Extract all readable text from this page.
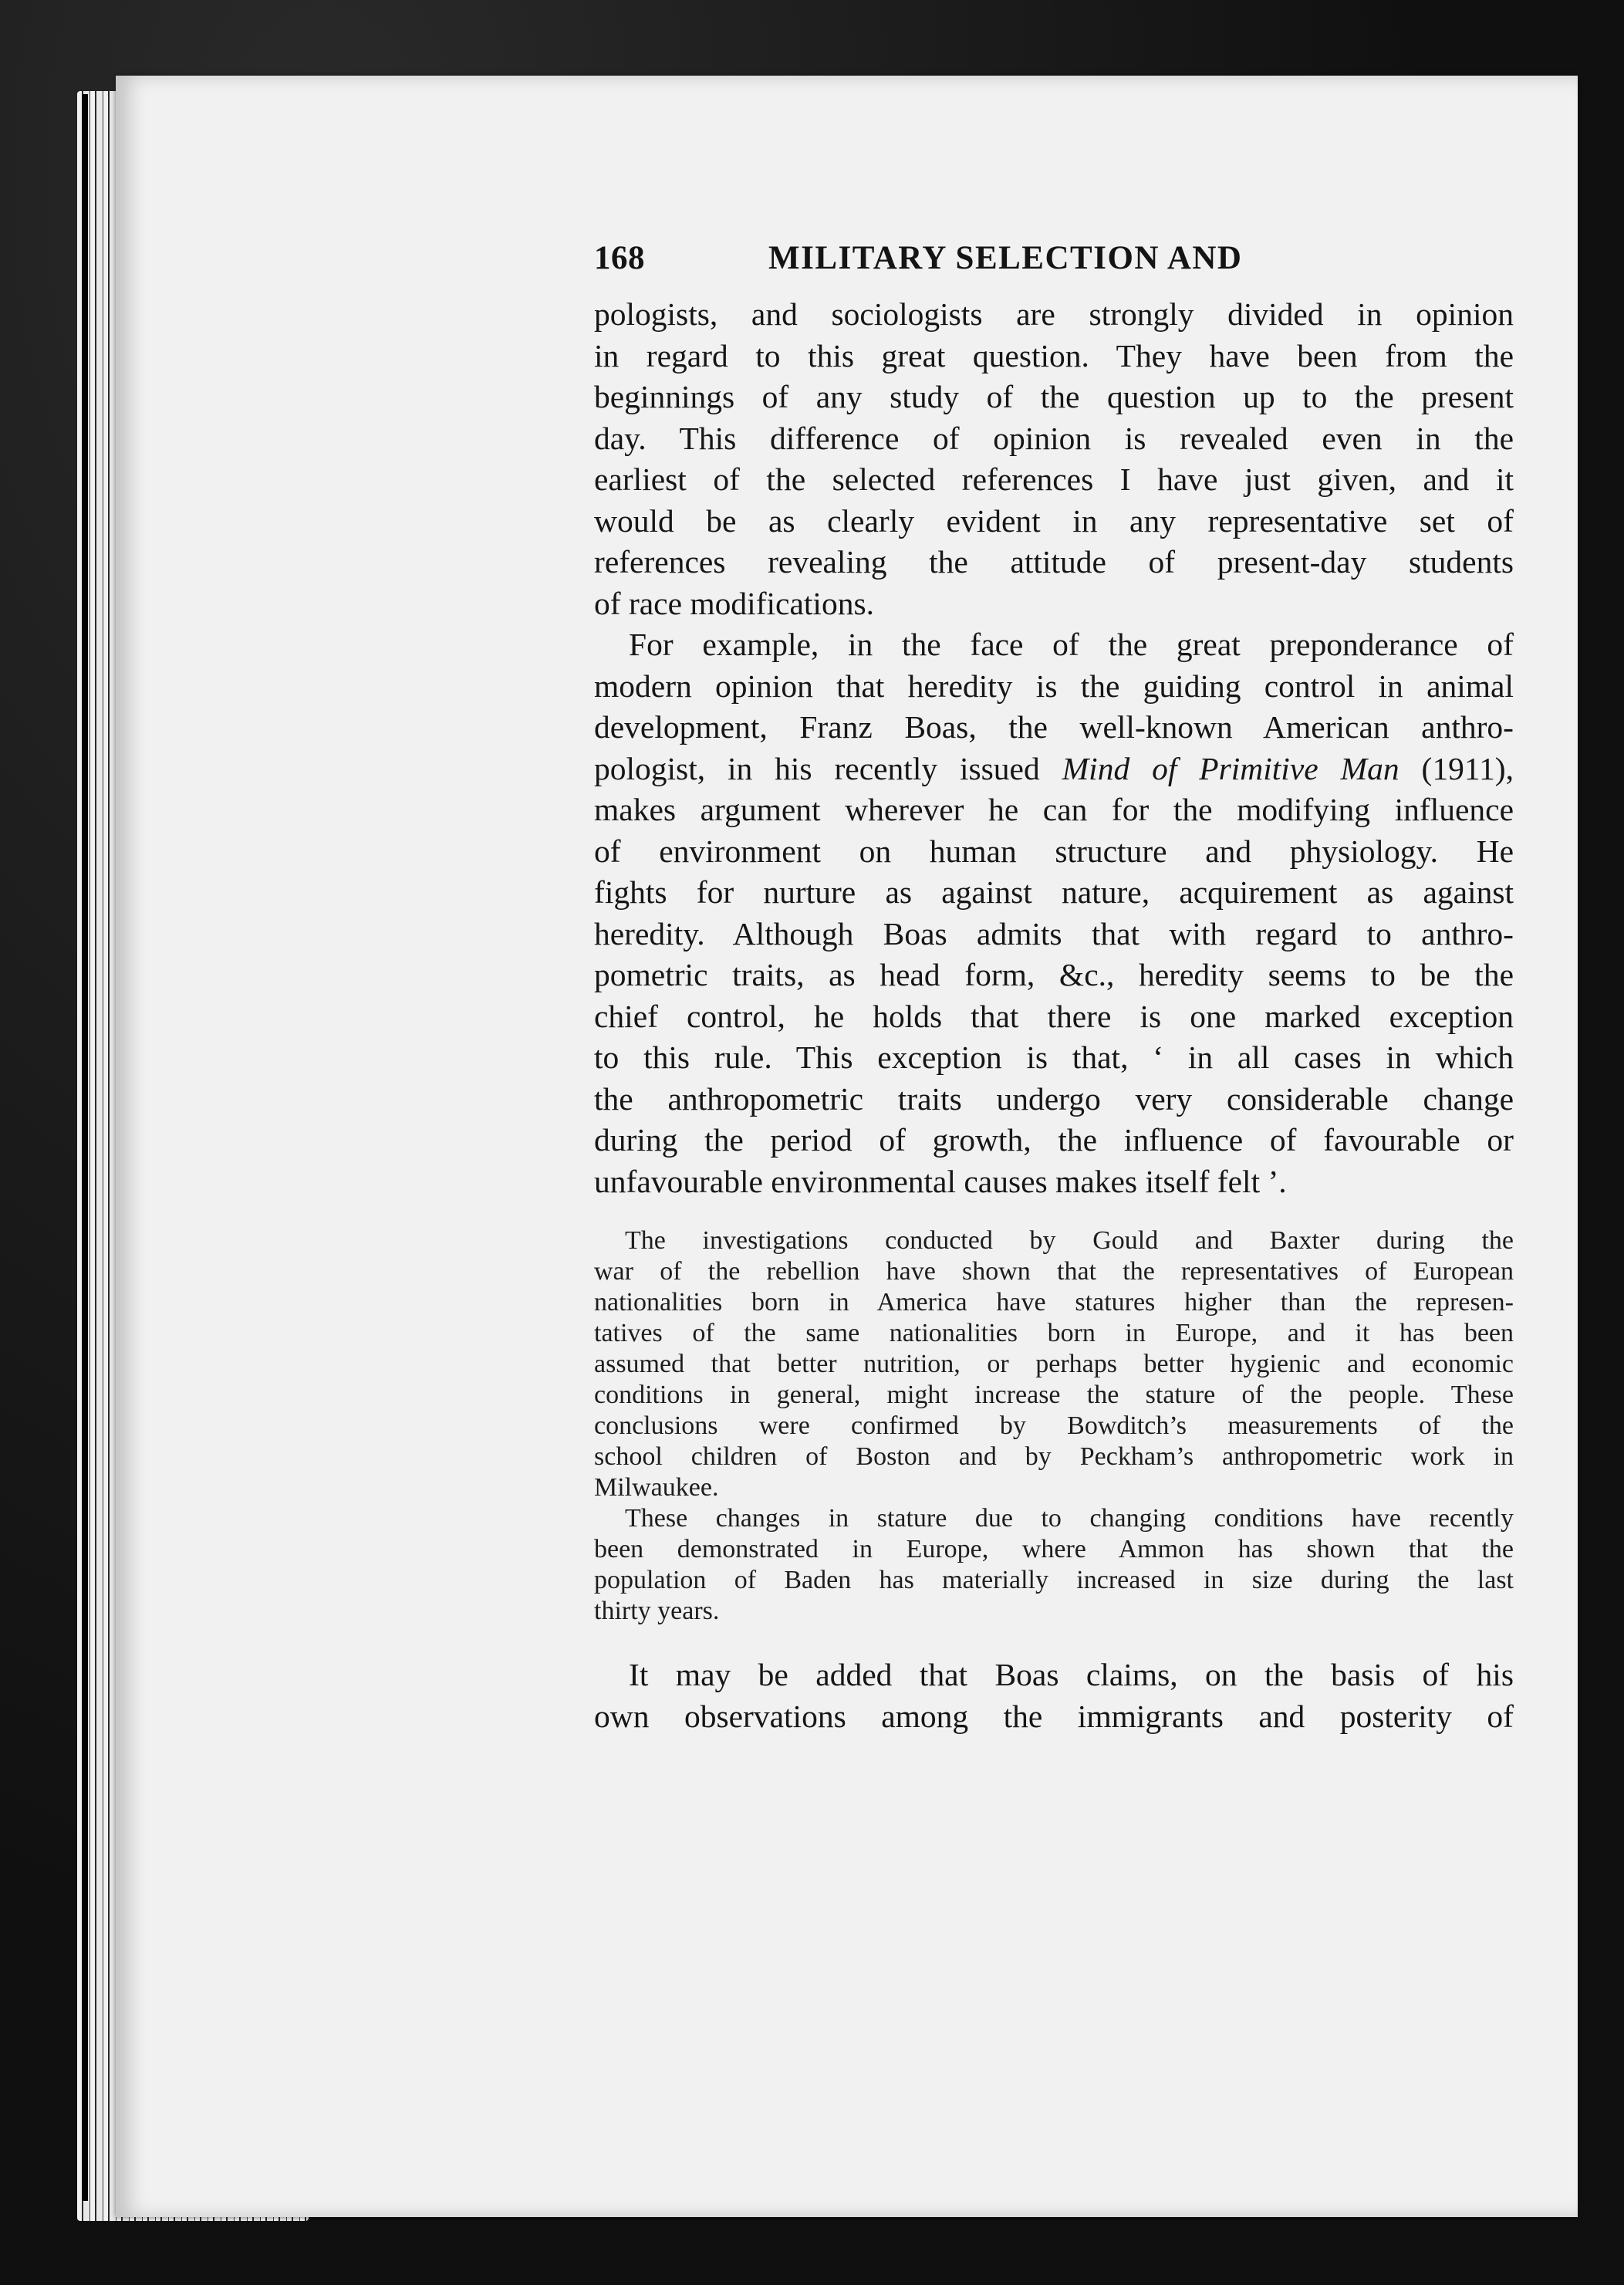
168	MILITARY SELECTION AND

pologists, and sociologists are strongly divided in opinion
in regard to this great question. They have been from the
beginnings of any study of the question up to the present
day. This difference of opinion is revealed even in the
earliest of the selected references I have just given, and it
would be as clearly evident in any representative set of
references revealing the attitude of present-day students
of race modifications.

For example, in the face of the great preponderance of
modern opinion that heredity is the guiding control in animal
development, Franz Boas, the well-known American anthro-
pologist, in his recently issued Mind of Primitive Man (1911),
makes argument wherever he can for the modifying influence
of environment on human structure and physiology. He
fights for nurture as against nature, acquirement as against
heredity. Although Boas admits that with regard to anthro-
pometric traits, as head form, &c., heredity seems to be the
chief control, he holds that there is one marked exception
to this rule. This exception is that, ‘ in all cases in which
the anthropometric traits undergo very considerable change
during the period of growth, the influence of favourable or
unfavourable environmental causes makes itself felt ’.

The investigations conducted by Gould and Baxter during the
war of the rebellion have shown that the representatives of European
nationalities born in America have statures higher than the represen-
tatives of the same nationalities born in Europe, and it has been
assumed that better nutrition, or perhaps better hygienic and economic
conditions in general, might increase the stature of the people. These
conclusions were confirmed by Bowditch’s measurements of the
school children of Boston and by Peckham’s anthropometric work in
Milwaukee.

These changes in stature due to changing conditions have recently
been demonstrated in Europe, where Ammon has shown that the
population of Baden has materially increased in size during the last
thirty years.

It may be added that Boas claims, on the basis of his
own observations among the immigrants and posterity of
